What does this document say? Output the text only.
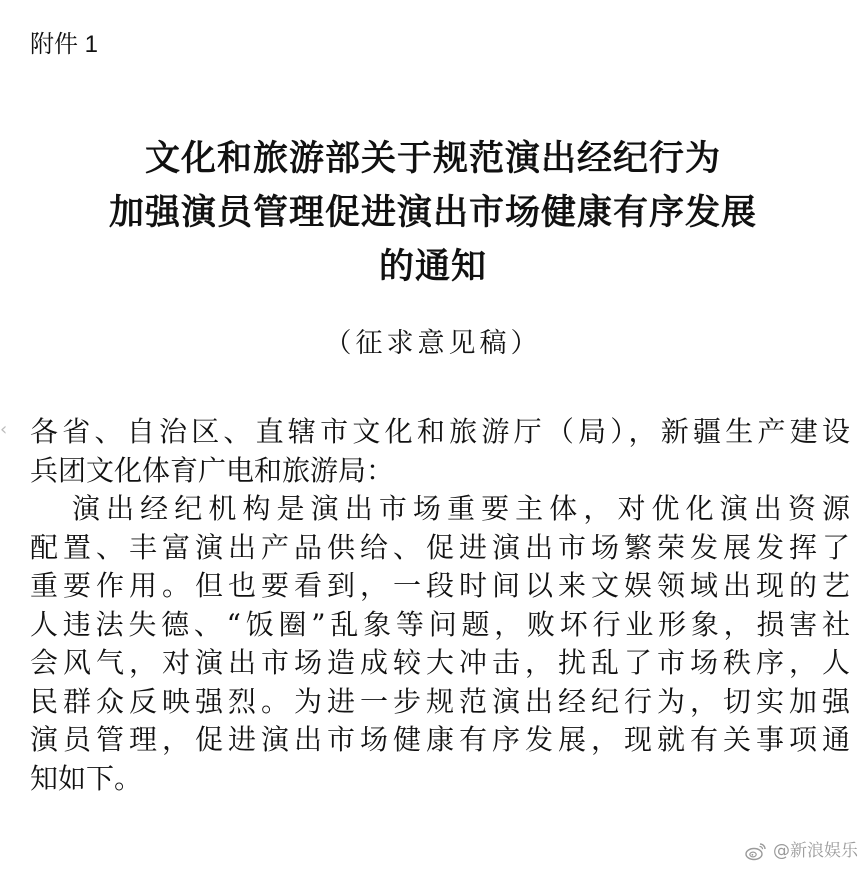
附件 1
文化和旅游部关于规范演出经纪行为
加强演员管理促进演出市场健康有序发展
的通知
（征求意见稿）
‹ 各省、自治区、直辖市文化和旅游厅（局），新疆生产建设
兵团文化体育广电和旅游局：
演出经纪机构是演出市场重要主体，对优化演出资源
配置、丰富演出产品供给、促进演出市场繁荣发展发挥了
重要作用。但也要看到，一段时间以来文娱领域出现的艺
人违法失德、“饭圈”乱象等问题，败坏行业形象，损害社
会风气，对演出市场造成较大冲击，扰乱了市场秩序，人
民群众反映强烈。为进一步规范演出经纪行为，切实加强
演员管理，促进演出市场健康有序发展，现就有关事项通
知如下。
@新浪娱乐
